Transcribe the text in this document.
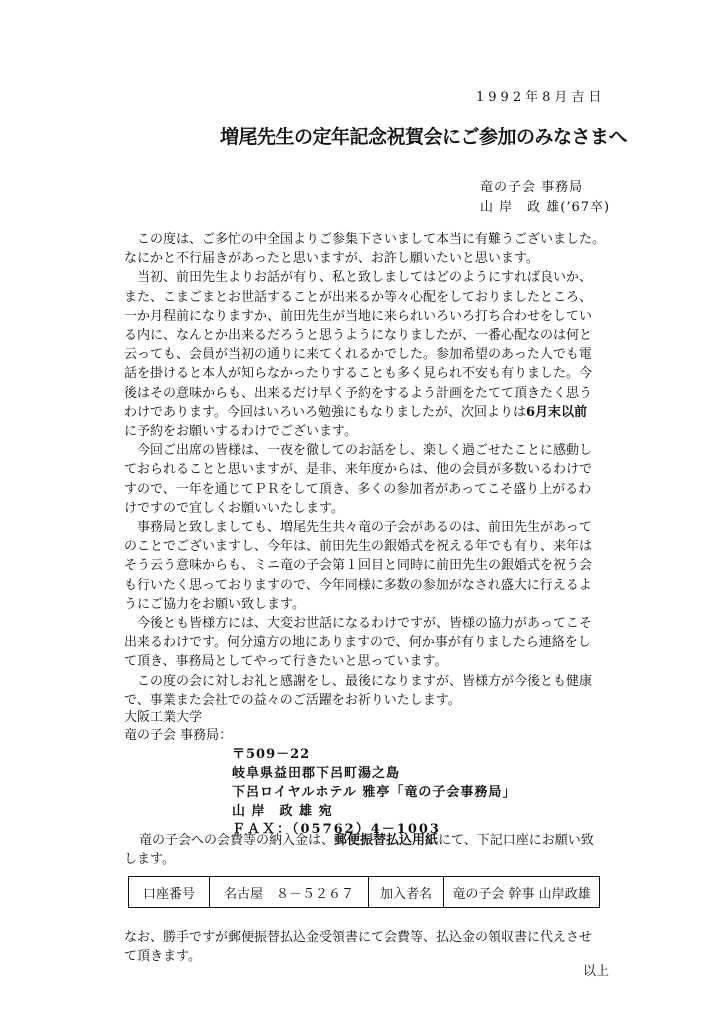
1992年8月吉日
増尾先生の定年記念祝賀会にご参加のみなさまへ
竜の子会 事務局
山 岸　政 雄(’67卒)
　この度は、ご多忙の中全国よりご参集下さいまして本当に有難うございました。
なにかと不行届きがあったと思いますが、お許し願いたいと思います。
　当初、前田先生よりお話が有り、私と致しましてはどのようにすれば良いか、
また、こまごまとお世話することが出来るか等々心配をしておりましたところ、
一か月程前になりますか、前田先生が当地に来られいろいろ打ち合わせをしてい
る内に、なんとか出来るだろうと思うようになりましたが、一番心配なのは何と
云っても、会員が当初の通りに来てくれるかでした。参加希望のあった人でも電
話を掛けると本人が知らなかったりすることも多く見られ不安も有りました。今
後はその意味からも、出来るだけ早く予約をするよう計画をたてて頂きたく思う
わけであります。今回はいろいろ勉強にもなりましたが、次回よりは6月末以前
に予約をお願いするわけでございます。
　今回ご出席の皆様は、一夜を徹してのお話をし、楽しく過ごせたことに感動し
ておられることと思いますが、是非、来年度からは、他の会員が多数いるわけで
すので、一年を通じてＰＲをして頂き、多くの参加者があってこそ盛り上がるわ
けですので宜しくお願いいたします。
　事務局と致しましても、増尾先生共々竜の子会があるのは、前田先生があって
のことでございますし、今年は、前田先生の銀婚式を祝える年でも有り、来年は
そう云う意味からも、ミニ竜の子会第１回目と同時に前田先生の銀婚式を祝う会
も行いたく思っておりますので、今年同様に多数の参加がなされ盛大に行えるよ
うにご協力をお願い致します。
　今後とも皆様方には、大変お世話になるわけですが、皆様の協力があってこそ
出来るわけです。何分遠方の地にありますので、何か事が有りましたら連絡をし
て頂き、事務局としてやって行きたいと思っています。
　この度の会に対しお礼と感謝をし、最後になりますが、皆様方が今後とも健康
で、事業また会社での益々のご活躍をお祈りいたします。
大阪工業大学
竜の子会 事務局：
〒509－22
岐阜県益田郡下呂町湯之島
下呂ロイヤルホテル 雅亭「竜の子会事務局」
山 岸　政 雄 宛
ＦＡＸ：（05762）4－1003
竜の子会への会費等の納入金は、郵便振替払込用紙にて、下記口座にお願い致
します。
口座番号	名古屋　８－５２６７	加入者名	竜の子会 幹事 山岸政雄
なお、勝手ですが郵便振替払込金受領書にて会費等、払込金の領収書に代えさせ
て頂きます。
以上
